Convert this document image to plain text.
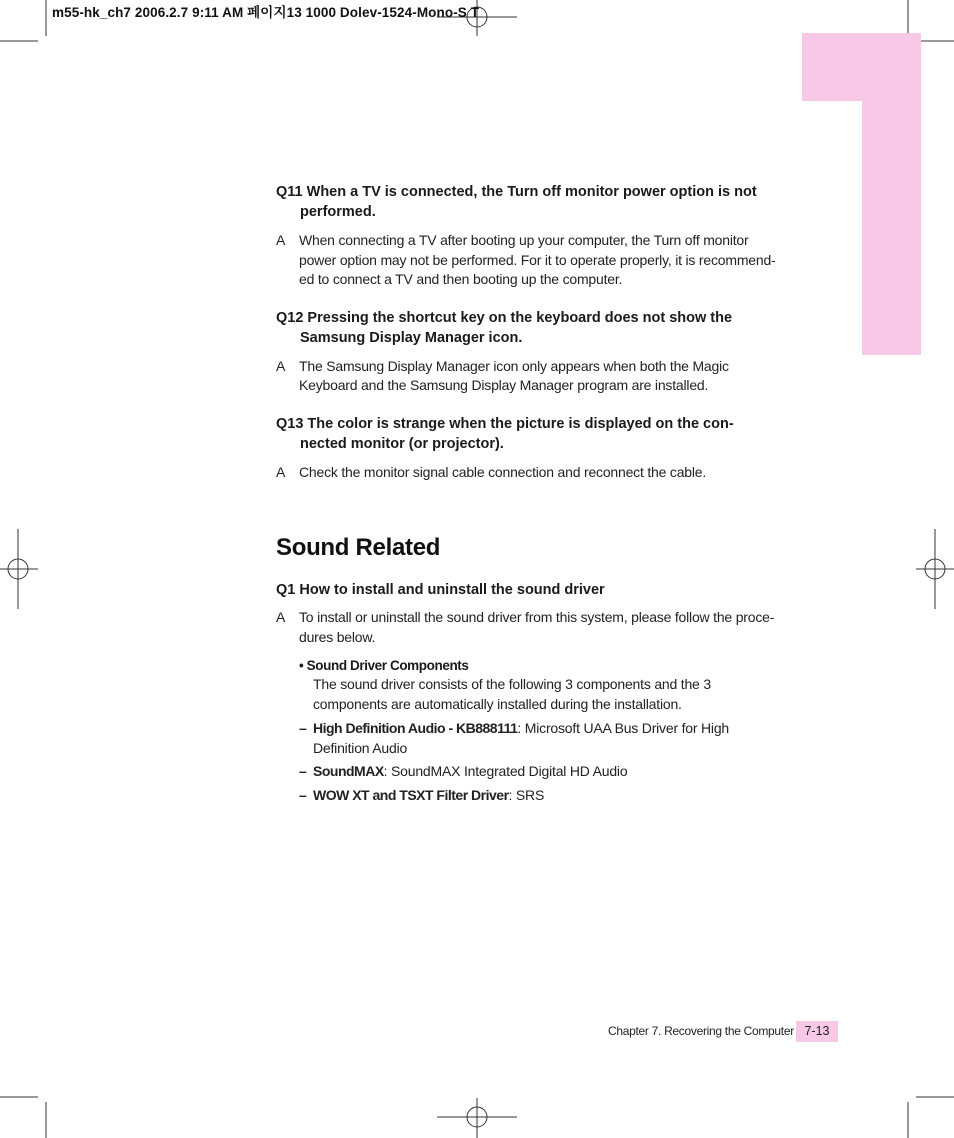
m55-hk_ch7 2006.2.7 9:11 AM 페이지13 1000 Dolev-1524-Mono-S T

Q11 When a TV is connected, the Turn off monitor power option is not performed.

A When connecting a TV after booting up your computer, the Turn off monitor power option may not be performed. For it to operate properly, it is recommend-ed to connect a TV and then booting up the computer.

Q12 Pressing the shortcut key on the keyboard does not show the Samsung Display Manager icon.

A The Samsung Display Manager icon only appears when both the Magic Keyboard and the Samsung Display Manager program are installed.

Q13 The color is strange when the picture is displayed on the con-nected monitor (or projector).

A Check the monitor signal cable connection and reconnect the cable.

Sound Related

Q1 How to install and uninstall the sound driver

A To install or uninstall the sound driver from this system, please follow the proce-dures below.

• Sound Driver Components
The sound driver consists of the following 3 components and the 3 components are automatically installed during the installation.
– High Definition Audio - KB888111: Microsoft UAA Bus Driver for High Definition Audio
– SoundMAX: SoundMAX Integrated Digital HD Audio
– WOW XT and TSXT Filter Driver: SRS
Chapter 7. Recovering the Computer 7-13
